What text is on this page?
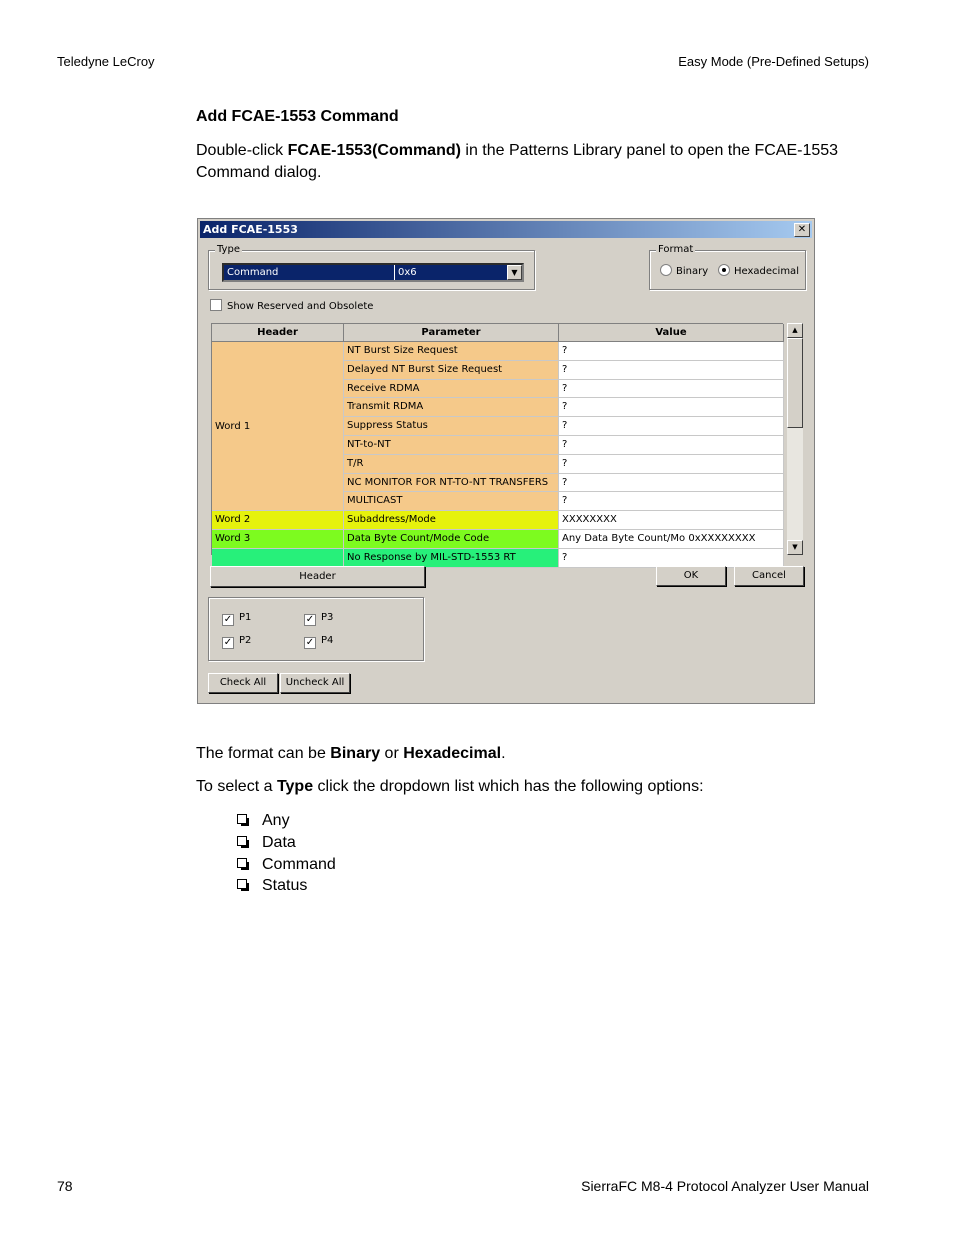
Teledyne LeCroy	Easy Mode (Pre-Defined Setups)
Add FCAE-1553 Command
Double-click FCAE-1553(Command) in the Patterns Library panel to open the FCAE-1553 Command dialog.
Add FCAE-1553	✕
Type
Command	0x6	▼
Format
Binary	Hexadecimal
Show Reserved and Obsolete
Header	Parameter	Value
Word 1
NT Burst Size Request	?
Delayed NT Burst Size Request	?
Receive RDMA	?
Transmit RDMA	?
Suppress Status	?
NT-to-NT	?
T/R	?
NC MONITOR FOR NT-TO-NT TRANSFERS	?
MULTICAST	?
Word 2	Subaddress/Mode	XXXXXXXX
Word 3	Data Byte Count/Mode Code	Any Data Byte Count/Mo 0xXXXXXXXX
No Response by MIL-STD-1553 RT	?
▲
▼
Header	OK	Cancel
✓ P1	✓ P3
✓ P2	✓ P4
Check All	Uncheck All
The format can be Binary or Hexadecimal.
To select a Type click the dropdown list which has the following options:
Any
Data
Command
Status
78	SierraFC M8-4 Protocol Analyzer User Manual
